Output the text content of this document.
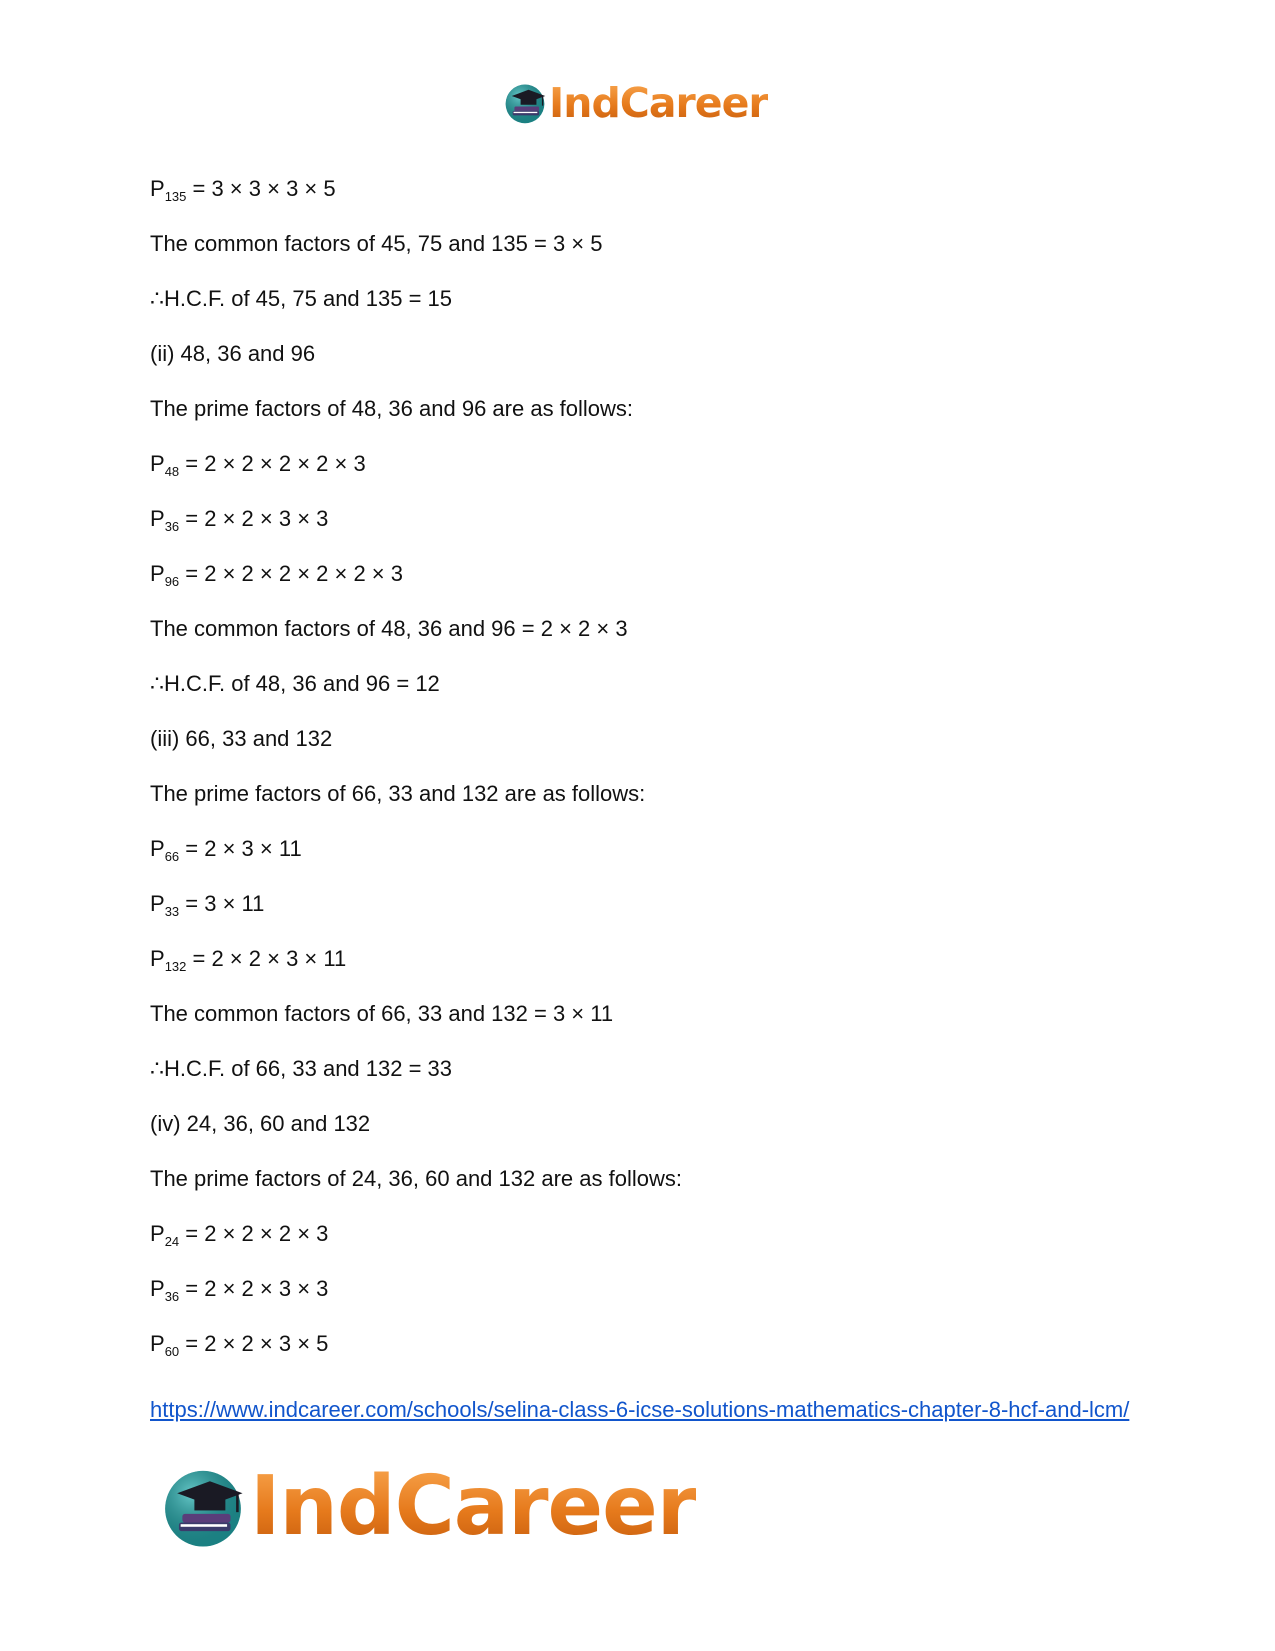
IndCareer
$P_{135} = 3 \times 3 \times 3 \times 5$
The common factors of 45, 75 and 135 = 3 × 5
∴H.C.F. of 45, 75 and 135 = 15
(ii) 48, 36 and 96
The prime factors of 48, 36 and 96 are as follows:
$P_{48} = 2 \times 2 \times 2 \times 2 \times 3$
$P_{36} = 2 \times 2 \times 3 \times 3$
$P_{96} = 2 \times 2 \times 2 \times 2 \times 2 \times 3$
The common factors of 48, 36 and 96 = 2 × 2 × 3
∴H.C.F. of 48, 36 and 96 = 12
(iii) 66, 33 and 132
The prime factors of 66, 33 and 132 are as follows:
$P_{66} = 2 \times 3 \times 11$
$P_{33} = 3 \times 11$
$P_{132} = 2 \times 2 \times 3 \times 11$
The common factors of 66, 33 and 132 = 3 × 11
∴H.C.F. of 66, 33 and 132 = 33
(iv) 24, 36, 60 and 132
The prime factors of 24, 36, 60 and 132 are as follows:
$P_{24} = 2 \times 2 \times 2 \times 3$
$P_{36} = 2 \times 2 \times 3 \times 3$
$P_{60} = 2 \times 2 \times 3 \times 5$
https://www.indcareer.com/schools/selina-class-6-icse-solutions-mathematics-chapter-8-hcf-and-lcm/
IndCareer
